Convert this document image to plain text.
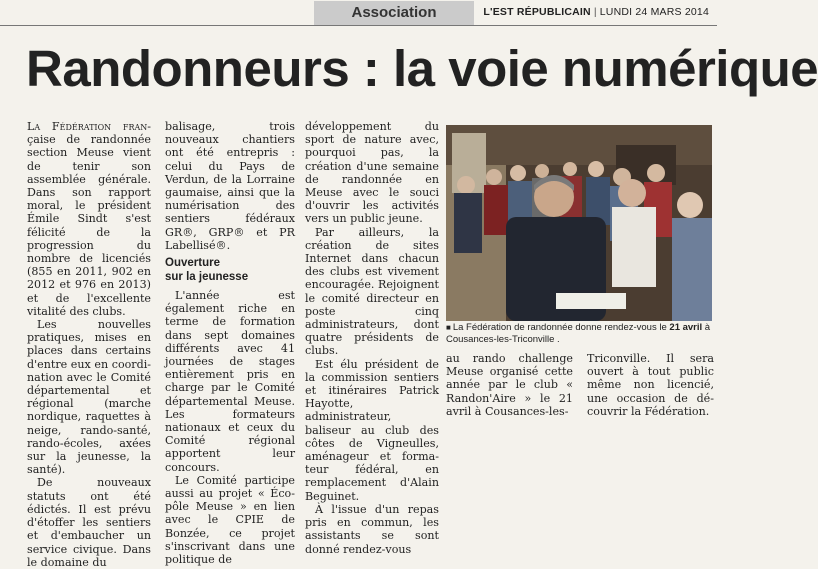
Association	L'EST RÉPUBLICAIN | LUNDI 24 MARS 2014
Randonneurs : la voie numérique

La Fédération fran-çaise de randonnée section Meuse vient de tenir son assemblée générale. Dans son rapport moral, le président Émile Sindt s'est félicité de la progression du nombre de licenciés (855 en 2011, 902 en 2012 et 976 en 2013) et de l'excellente vitalité des clubs.

Les nouvelles pratiques, mises en places dans certains d'entre eux en coordination avec le Comité départemental et régional (marche nordique, raquettes à neige, rando-santé, rando-écoles, axées sur la jeunesse, la santé).

De nouveaux statuts ont été édictés. Il est prévu d'étoffer les sentiers et d'embaucher un service civique. Dans le domaine du

balisage, trois nouveaux chantiers ont été entrepris : celui du Pays de Verdun, de la Lorraine gaumaise, ainsi que la numérisation des sentiers fédéraux GR®, GRP® et PR Labellisé®.

Ouverture
sur la jeunesse

L'année est également riche en terme de formation dans sept domaines différents avec 41 journées de stages entièrement pris en charge par le Comité départemental Meuse. Les formateurs nationaux et ceux du Comité régional apportent leur concours.

Le Comité participe aussi au projet « Éco-pôle Meuse » en lien avec le CPIE de Bonzée, ce projet s'inscrivant dans une politique de

développement du sport de nature avec, pourquoi pas, la création d'une semaine de randonnée en Meuse avec le souci d'ouvrir les activités vers un public jeune.

Par ailleurs, la création de sites Internet dans chacun des clubs est vivement encouragée. Rejoignent le comité directeur en poste cinq administrateurs, dont quatre présidents de clubs.

Est élu président de la commission sentiers et itinéraires Patrick Hayotte, administrateur, baliseur au club des côtes de Vigneulles, aménageur et formateur fédéral, en remplacement d'Alain Beguinet.

À l'issue d'un repas pris en commun, les assistants se sont donné rendez-vous

■ La Fédération de randonnée donne rendez-vous le 21 avril à Cousances-les-Triconville .
au rando challenge Meuse organisé cette année par le club « Randon'Aire » le 21 avril à Cousances-les-
Triconville. Il sera ouvert à tout public même non licencié, une occasion de découvrir la Fédération.
